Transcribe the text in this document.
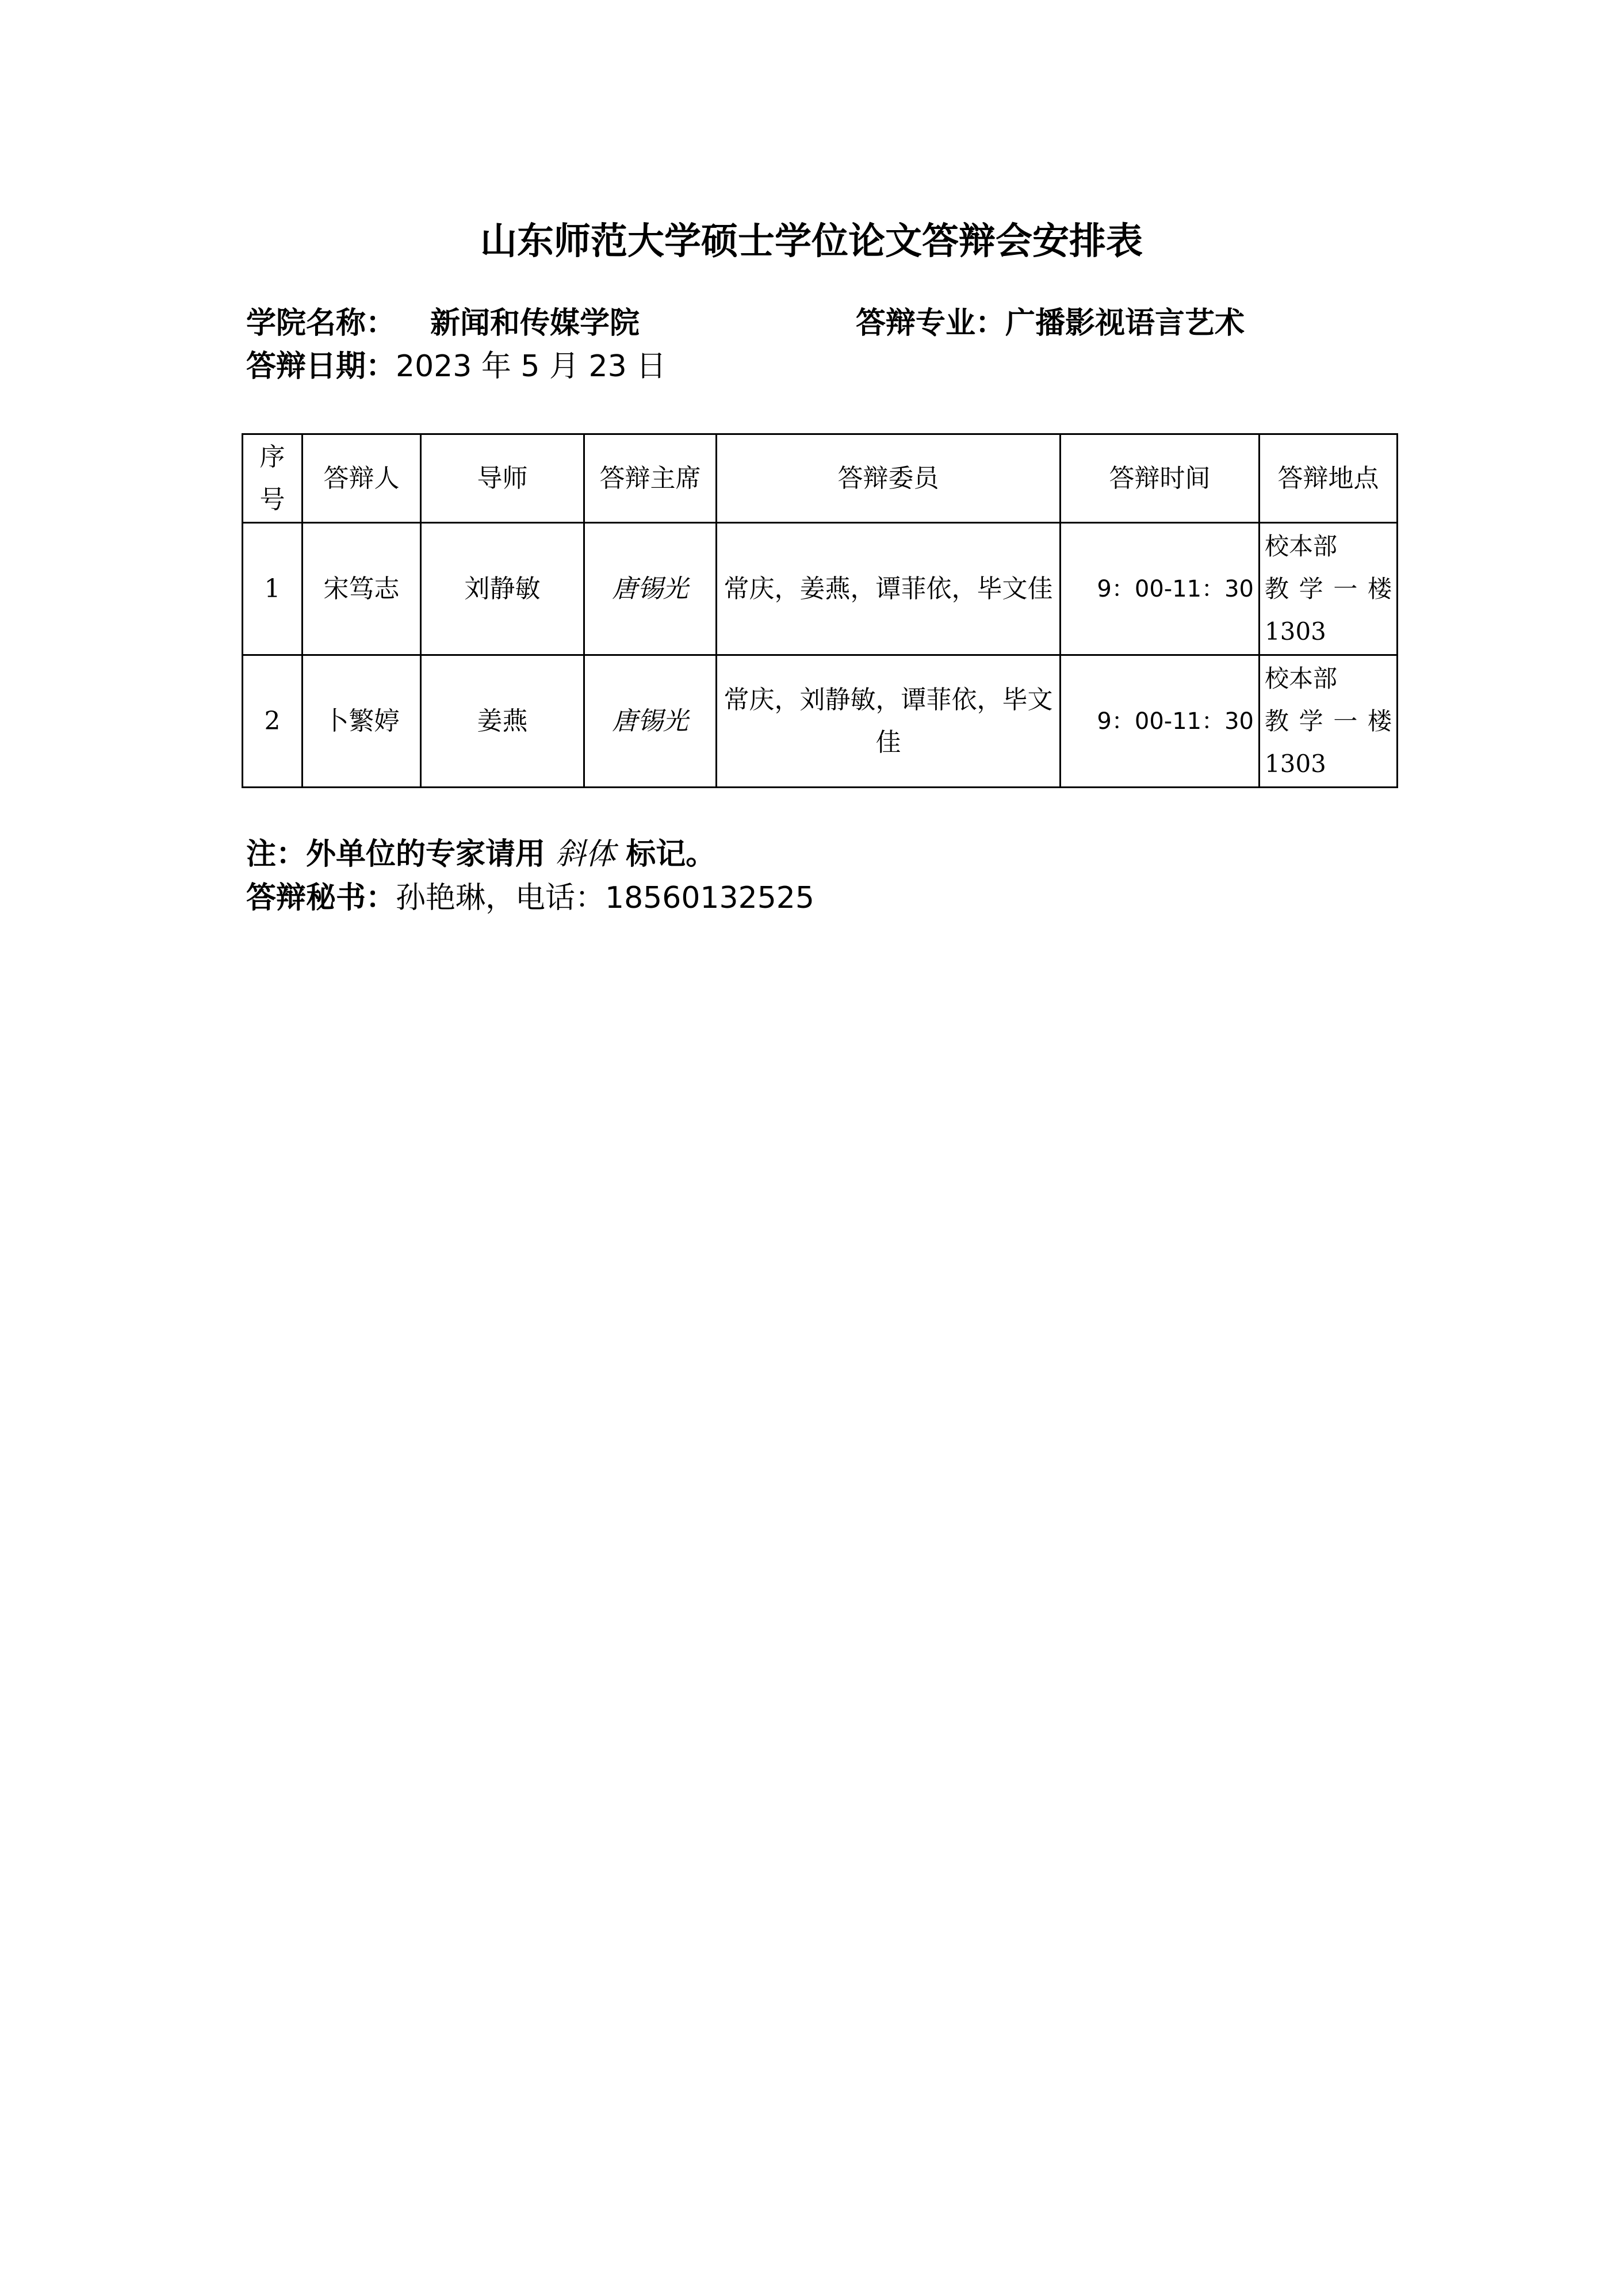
山东师范大学硕士学位论文答辩会安排表
学院名称： 新闻和传媒学院	答辩专业：广播影视语言艺术
答辩日期：2023 年 5 月 23 日
序号	答辩人	导师	答辩主席	答辩委员	答辩时间	答辩地点
1	宋笃志	刘静敏	唐锡光	常庆，姜燕，谭菲依，毕文佳	9：00-11：30	校本部
教 学 一 楼
1303

2	卜繁婷	姜燕	唐锡光	常庆，刘静敏，谭菲依，毕文佳	9：00-11：30	校本部
教 学 一 楼
1303
注：外单位的专家请用 斜体 标记。
答辩秘书：孙艳琳，电话：18560132525
